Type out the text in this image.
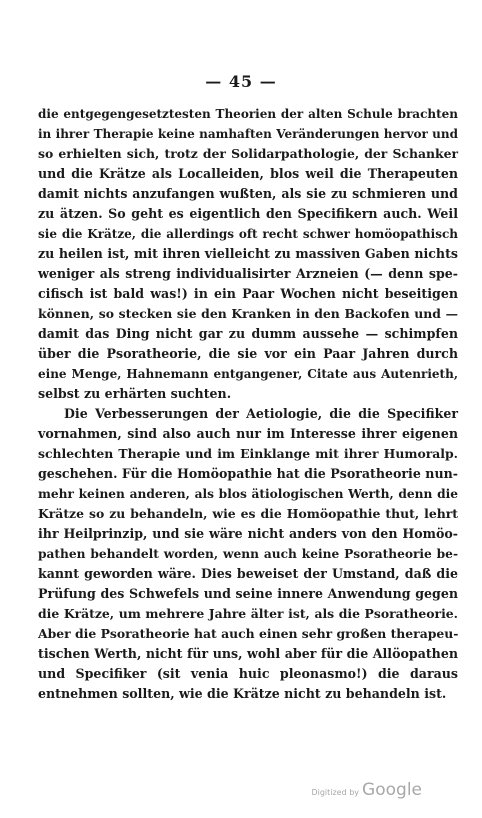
— 45 —
die entgegengesetztesten Theorien der alten Schule brachten
in ihrer Therapie keine namhaften Veränderungen hervor und
so erhielten sich, trotz der Solidarpathologie, der Schanker
und die Krätze als Localleiden, blos weil die Therapeuten
damit nichts anzufangen wußten, als sie zu schmieren und
zu ätzen. So geht es eigentlich den Specifikern auch. Weil
sie die Krätze, die allerdings oft recht schwer homöopathisch
zu heilen ist, mit ihren vielleicht zu massiven Gaben nichts
weniger als streng individualisirter Arzneien (— denn spe-
cifisch ist bald was!) in ein Paar Wochen nicht beseitigen
können, so stecken sie den Kranken in den Backofen und —
damit das Ding nicht gar zu dumm aussehe — schimpfen
über die Psoratheorie, die sie vor ein Paar Jahren durch
eine Menge, Hahnemann entgangener, Citate aus Autenrieth,
selbst zu erhärten suchten.
Die Verbesserungen der Aetiologie, die die Specifiker
vornahmen, sind also auch nur im Interesse ihrer eigenen
schlechten Therapie und im Einklange mit ihrer Humoralp.
geschehen. Für die Homöopathie hat die Psoratheorie nun-
mehr keinen anderen, als blos ätiologischen Werth, denn die
Krätze so zu behandeln, wie es die Homöopathie thut, lehrt
ihr Heilprinzip, und sie wäre nicht anders von den Homöo-
pathen behandelt worden, wenn auch keine Psoratheorie be-
kannt geworden wäre. Dies beweiset der Umstand, daß die
Prüfung des Schwefels und seine innere Anwendung gegen
die Krätze, um mehrere Jahre älter ist, als die Psoratheorie.
Aber die Psoratheorie hat auch einen sehr großen therapeu-
tischen Werth, nicht für uns, wohl aber für die Allöopathen
und Specifiker (sit venia huic pleonasmo!) die daraus
entnehmen sollten, wie die Krätze nicht zu behandeln ist.
Digitized by Google
